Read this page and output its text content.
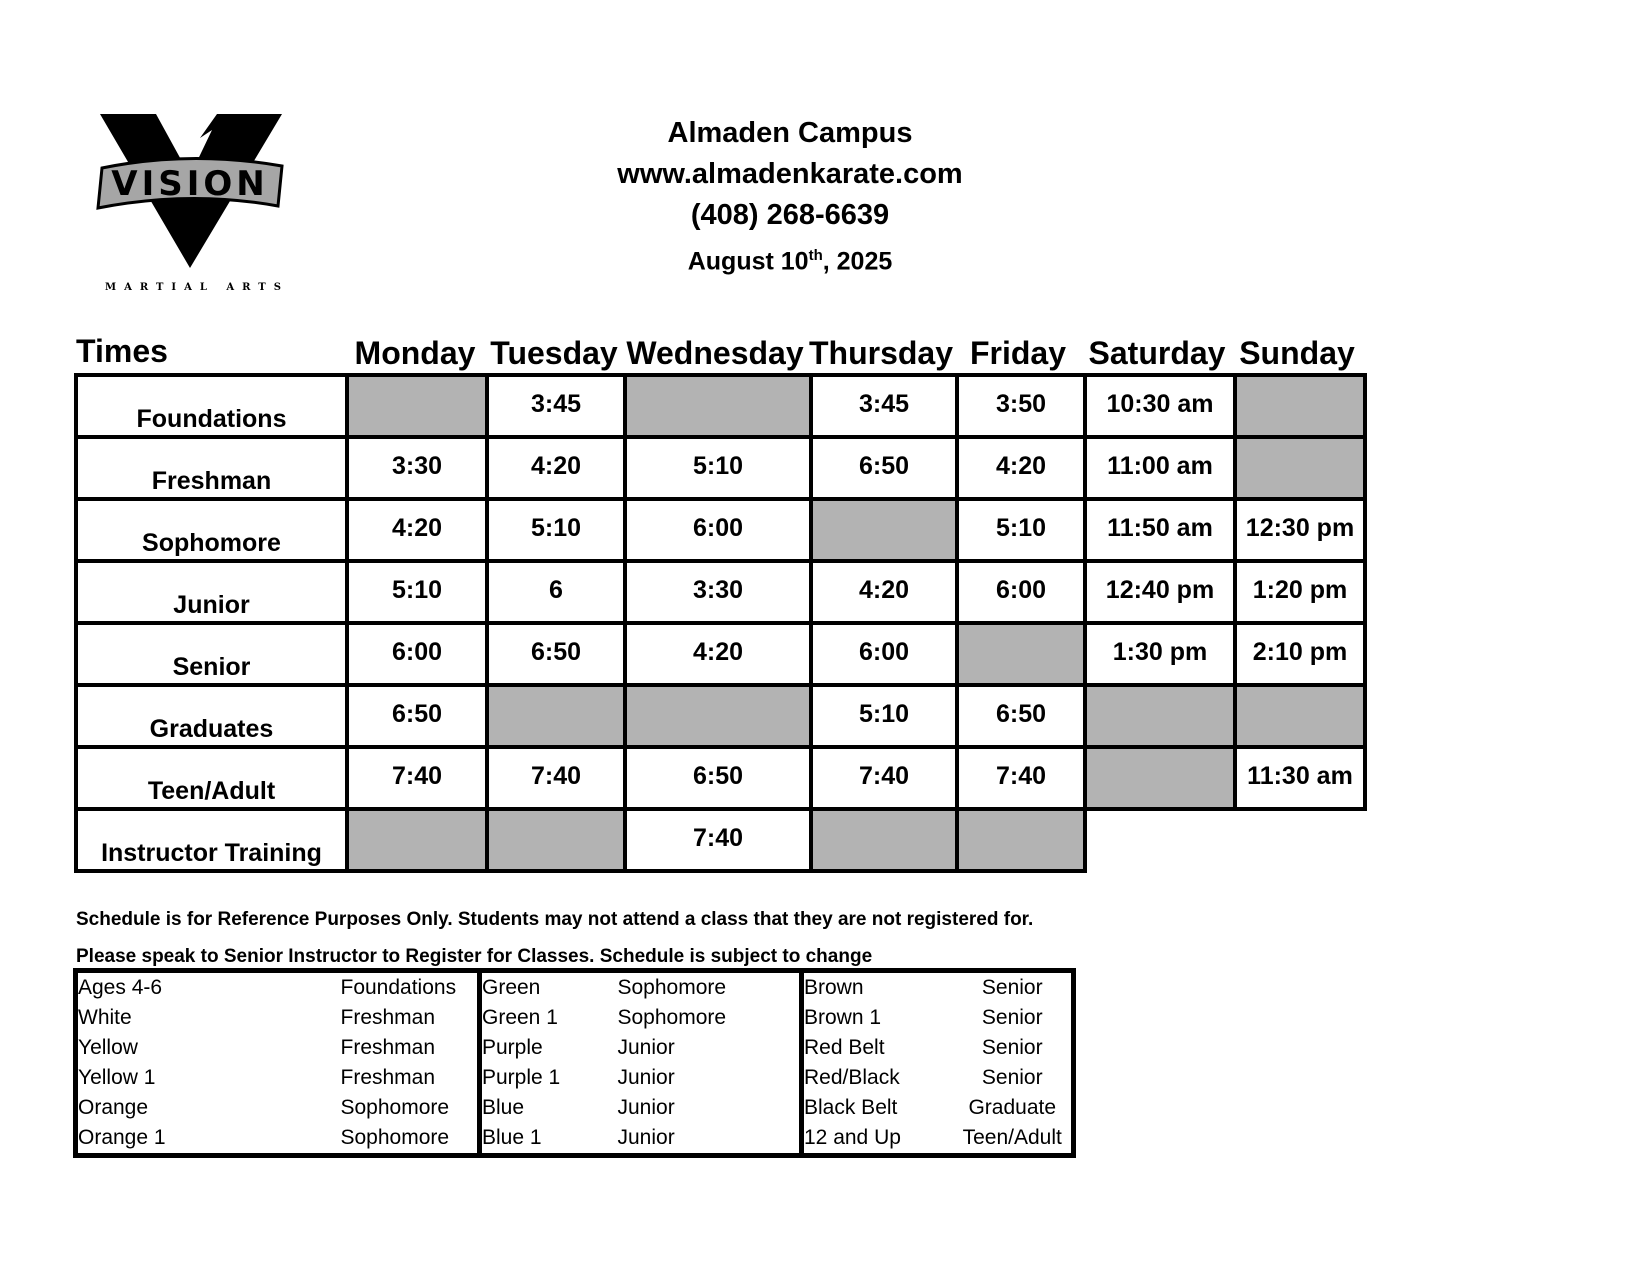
VISION
MARTIAL ARTS
Almaden Campus
www.almadenkarate.com
(408) 268-6639
August 10th, 2025
Times	Monday Tuesday Wednesday Thursday Friday Saturday Sunday
Foundations		3:45		3:45	3:50	10:30 am	
Freshman	3:30	4:20	5:10	6:50	4:20	11:00 am	
Sophomore	4:20	5:10	6:00		5:10	11:50 am	12:30 pm
Junior	5:10	6	3:30	4:20	6:00	12:40 pm	1:20 pm
Senior	6:00	6:50	4:20	6:00		1:30 pm	2:10 pm
Graduates	6:50			5:10	6:50		
Teen/Adult	7:40	7:40	6:50	7:40	7:40		11:30 am
Instructor Training			7:40				
Schedule is for Reference Purposes Only. Students may not attend a class that they are not registered for.
Please speak to Senior Instructor to Register for Classes. Schedule is subject to change
Ages 4-6	Foundations	Green	Sophomore	Brown	Senior
White	Freshman	Green 1	Sophomore	Brown 1	Senior
Yellow	Freshman	Purple	Junior	Red Belt	Senior
Yellow 1	Freshman	Purple 1	Junior	Red/Black	Senior
Orange	Sophomore	Blue	Junior	Black Belt	Graduate
Orange 1	Sophomore	Blue 1	Junior	12 and Up	Teen/Adult
